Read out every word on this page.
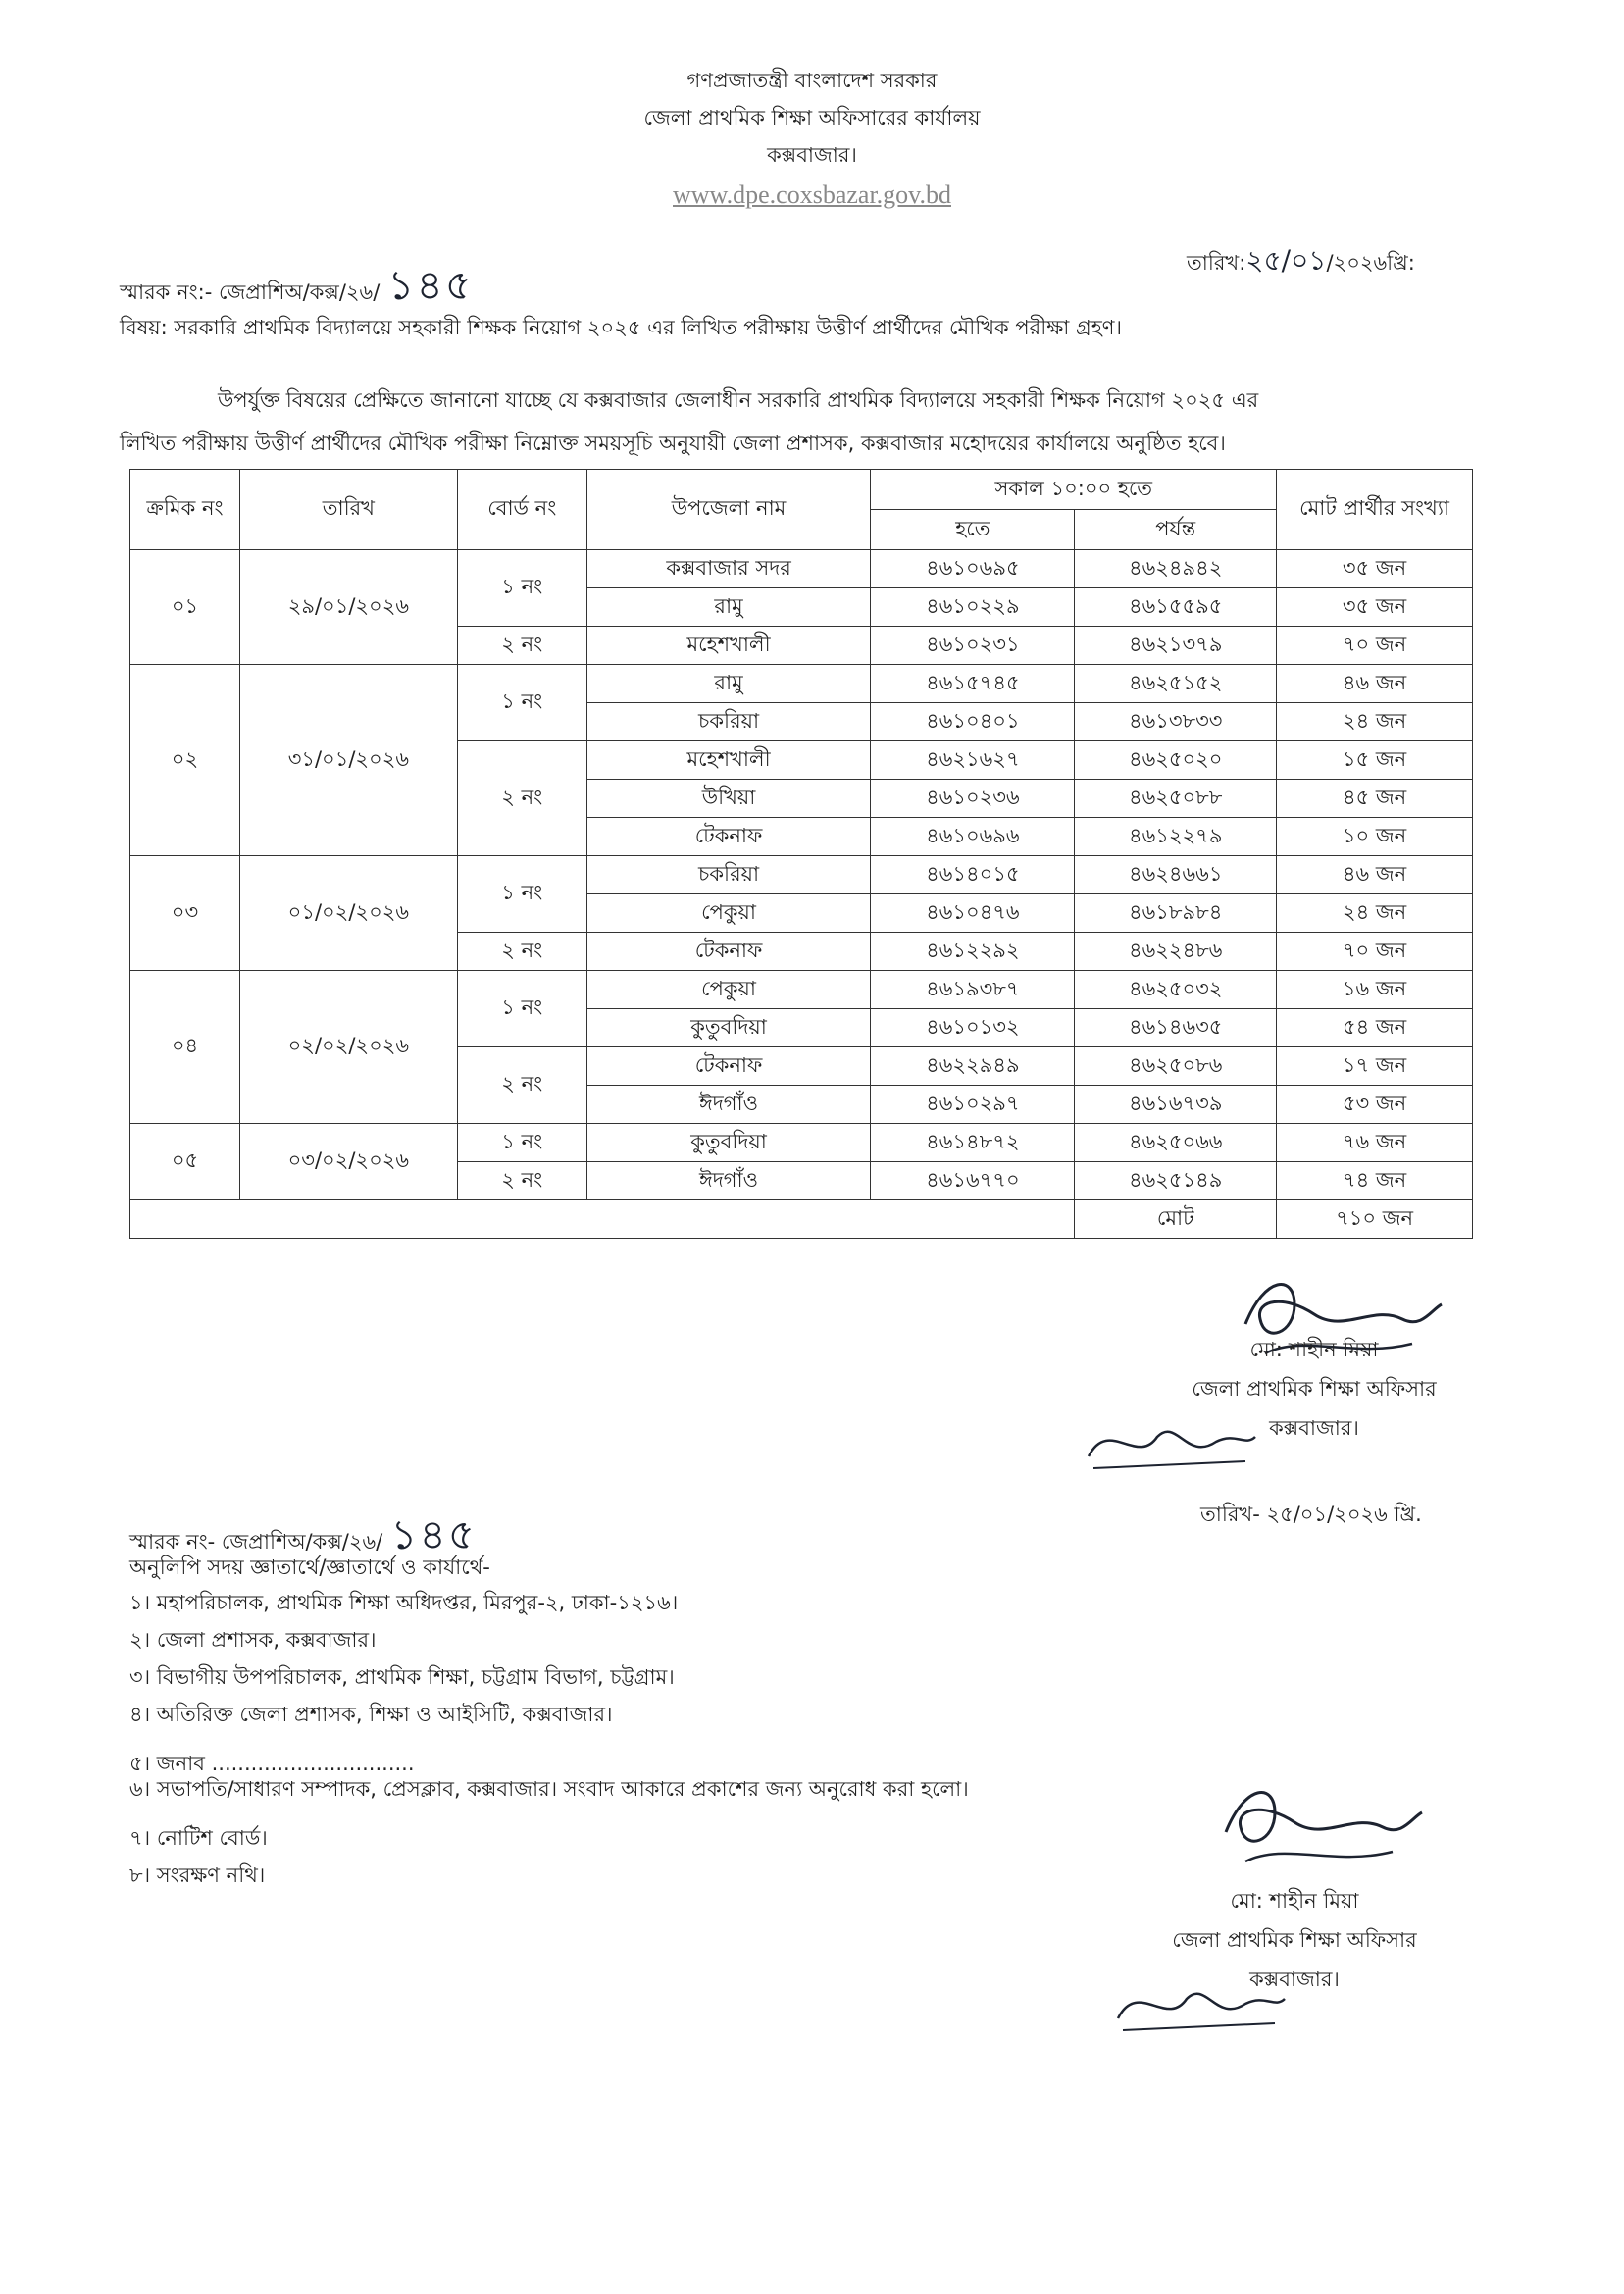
গণপ্রজাতন্ত্রী বাংলাদেশ সরকার
জেলা প্রাথমিক শিক্ষা অফিসারের কার্যালয়
কক্সবাজার।
www.dpe.coxsbazar.gov.bd
স্মারক নং:- জেপ্রাশিঅ/কক্স/২৬/ ১৪৫	তারিখ:২৫/০১/২০২৬খ্রি:
বিষয়: সরকারি প্রাথমিক বিদ্যালয়ে সহকারী শিক্ষক নিয়োগ ২০২৫ এর লিখিত পরীক্ষায় উত্তীর্ণ প্রার্থীদের মৌখিক পরীক্ষা গ্রহণ।
উপর্যুক্ত বিষয়ের প্রেক্ষিতে জানানো যাচ্ছে যে কক্সবাজার জেলাধীন সরকারি প্রাথমিক বিদ্যালয়ে সহকারী শিক্ষক নিয়োগ ২০২৫ এর
লিখিত পরীক্ষায় উত্তীর্ণ প্রার্থীদের মৌখিক পরীক্ষা নিম্নোক্ত সময়সূচি অনুযায়ী জেলা প্রশাসক, কক্সবাজার মহোদয়ের কার্যালয়ে অনুষ্ঠিত হবে।
ক্রমিক নং	তারিখ	বোর্ড নং	উপজেলা নাম	সকাল ১০:০০ হতে		মোট প্রার্থীর সংখ্যা
				হতে	পর্যন্ত	
০১	২৯/০১/২০২৬	১ নং	কক্সবাজার সদর	৪৬১০৬৯৫	৪৬২৪৯৪২	৩৫ জন
			রামু	৪৬১০২২৯	৪৬১৫৫৯৫	৩৫ জন
		২ নং	মহেশখালী	৪৬১০২৩১	৪৬২১৩৭৯	৭০ জন
০২	৩১/০১/২০২৬	১ নং	রামু	৪৬১৫৭৪৫	৪৬২৫১৫২	৪৬ জন
			চকরিয়া	৪৬১০৪০১	৪৬১৩৮৩৩	২৪ জন
		২ নং	মহেশখালী	৪৬২১৬২৭	৪৬২৫০২০	১৫ জন
			উখিয়া	৪৬১০২৩৬	৪৬২৫০৮৮	৪৫ জন
			টেকনাফ	৪৬১০৬৯৬	৪৬১২২৭৯	১০ জন
০৩	০১/০২/২০২৬	১ নং	চকরিয়া	৪৬১৪০১৫	৪৬২৪৬৬১	৪৬ জন
			পেকুয়া	৪৬১০৪৭৬	৪৬১৮৯৮৪	২৪ জন
		২ নং	টেকনাফ	৪৬১২২৯২	৪৬২২৪৮৬	৭০ জন
০৪	০২/০২/২০২৬	১ নং	পেকুয়া	৪৬১৯৩৮৭	৪৬২৫০৩২	১৬ জন
			কুতুবদিয়া	৪৬১০১৩২	৪৬১৪৬৩৫	৫৪ জন
		২ নং	টেকনাফ	৪৬২২৯৪৯	৪৬২৫০৮৬	১৭ জন
			ঈদগাঁও	৪৬১০২৯৭	৪৬১৬৭৩৯	৫৩ জন
০৫	০৩/০২/২০২৬	১ নং	কুতুবদিয়া	৪৬১৪৮৭২	৪৬২৫০৬৬	৭৬ জন
		২ নং	ঈদগাঁও	৪৬১৬৭৭০	৪৬২৫১৪৯	৭৪ জন
					মোট	৭১০ জন
মো: শাহীন মিয়া
জেলা প্রাথমিক শিক্ষা অফিসার
কক্সবাজার।
স্মারক নং- জেপ্রাশিঅ/কক্স/২৬/ ১৪৫	তারিখ- ২৫/০১/২০২৬ খ্রি.
অনুলিপি সদয় জ্ঞাতার্থে/জ্ঞাতার্থে ও কার্যার্থে-
১। মহাপরিচালক, প্রাথমিক শিক্ষা অধিদপ্তর, মিরপুর-২, ঢাকা-১২১৬।
২। জেলা প্রশাসক, কক্সবাজার।
৩। বিভাগীয় উপপরিচালক, প্রাথমিক শিক্ষা, চট্টগ্রাম বিভাগ, চট্টগ্রাম।
৪। অতিরিক্ত জেলা প্রশাসক, শিক্ষা ও আইসিটি, কক্সবাজার।
৫। জনাব ...............................
৬। সভাপতি/সাধারণ সম্পাদক, প্রেসক্লাব, কক্সবাজার। সংবাদ আকারে প্রকাশের জন্য অনুরোধ করা হলো।
৭। নোটিশ বোর্ড।
৮। সংরক্ষণ নথি।
মো: শাহীন মিয়া
জেলা প্রাথমিক শিক্ষা অফিসার
কক্সবাজার।
